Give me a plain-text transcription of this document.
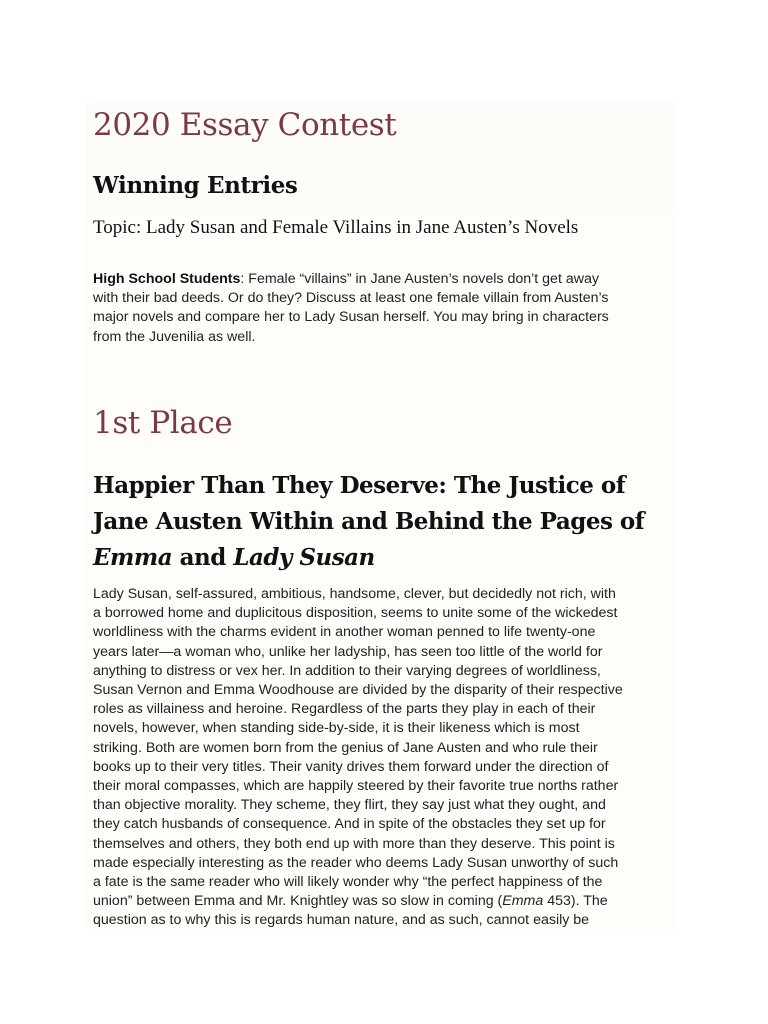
2020 Essay Contest
Winning Entries

Topic: Lady Susan and Female Villains in Jane Austen’s Novels

High School Students: Female “villains” in Jane Austen’s novels don’t get away
with their bad deeds. Or do they? Discuss at least one female villain from Austen’s
major novels and compare her to Lady Susan herself. You may bring in characters
from the Juvenilia as well.

1st Place
Happier Than They Deserve: The Justice of
Jane Austen Within and Behind the Pages of
Emma and Lady Susan
Lady Susan, self-assured, ambitious, handsome, clever, but decidedly not rich, with
a borrowed home and duplicitous disposition, seems to unite some of the wickedest
worldliness with the charms evident in another woman penned to life twenty-one
years later—a woman who, unlike her ladyship, has seen too little of the world for
anything to distress or vex her. In addition to their varying degrees of worldliness,
Susan Vernon and Emma Woodhouse are divided by the disparity of their respective
roles as villainess and heroine. Regardless of the parts they play in each of their
novels, however, when standing side-by-side, it is their likeness which is most
striking. Both are women born from the genius of Jane Austen and who rule their
books up to their very titles. Their vanity drives them forward under the direction of
their moral compasses, which are happily steered by their favorite true norths rather
than objective morality. They scheme, they flirt, they say just what they ought, and
they catch husbands of consequence. And in spite of the obstacles they set up for
themselves and others, they both end up with more than they deserve. This point is
made especially interesting as the reader who deems Lady Susan unworthy of such
a fate is the same reader who will likely wonder why “the perfect happiness of the
union” between Emma and Mr. Knightley was so slow in coming (Emma 453). The
question as to why this is regards human nature, and as such, cannot easily be
